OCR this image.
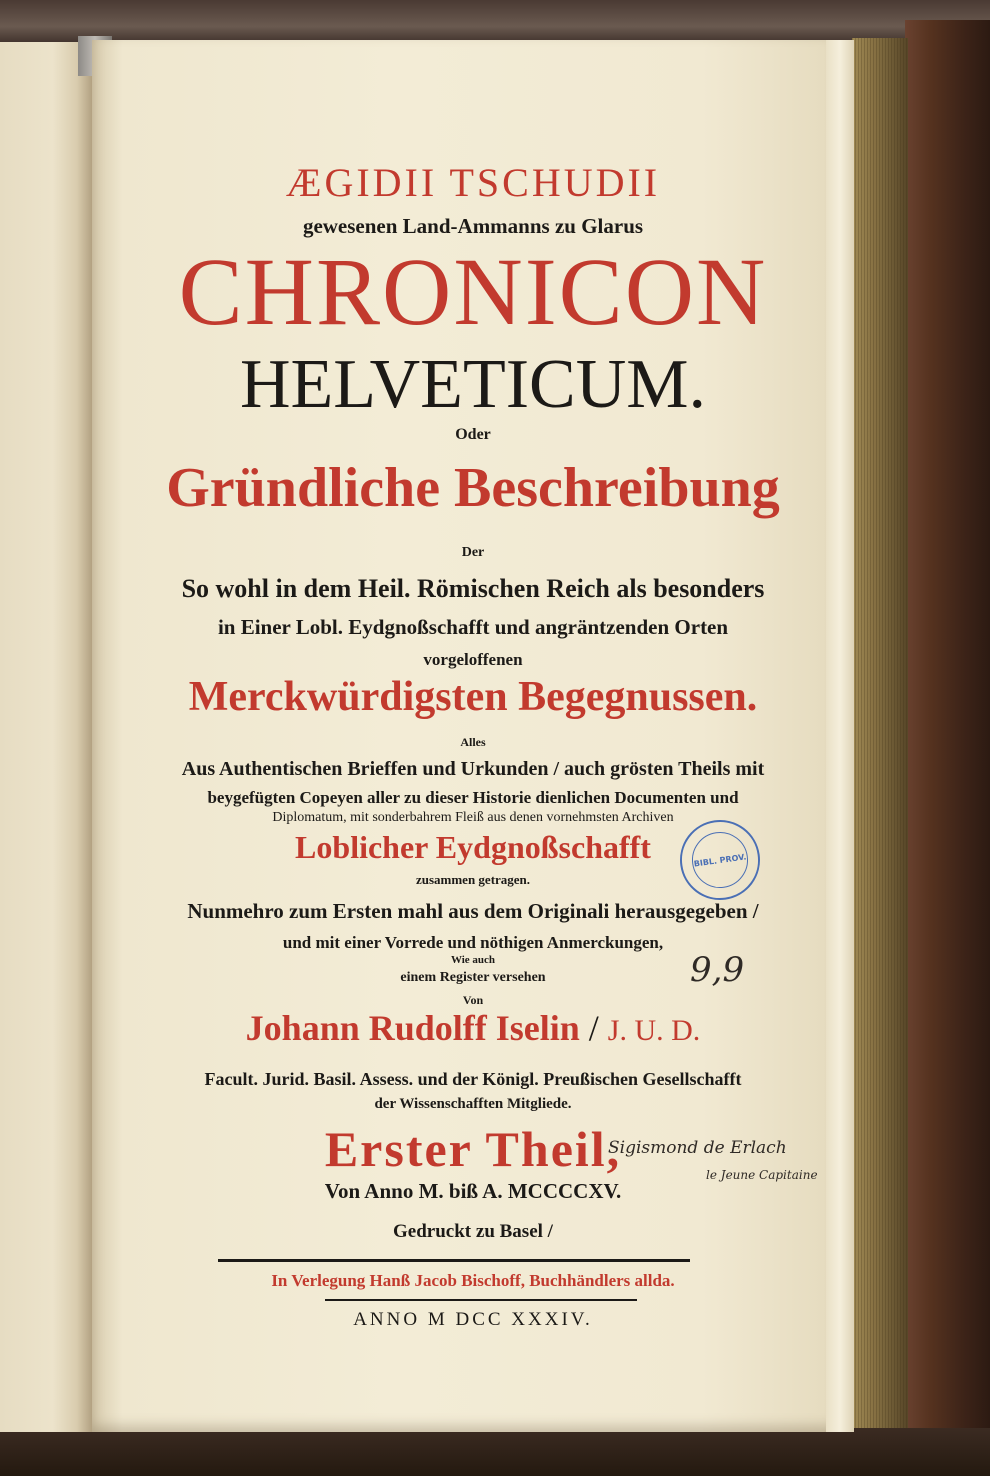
ÆGIDII TSCHUDII
gewesenen Land-Ammanns zu Glarus
CHRONICON
HELVETICUM.
Oder
Gründliche Beschreibung
Der
So wohl in dem Heil. Römischen Reich als besonders
in Einer Lobl. Eydgnoßschafft und angräntzenden Orten
vorgeloffenen
Merckwürdigsten Begegnussen.
Alles
Aus Authentischen Brieffen und Urkunden / auch grösten Theils mit
beygefügten Copeyen aller zu dieser Historie dienlichen Documenten und
Diplomatum, mit sonderbahrem Fleiß aus denen vornehmsten Archiven
Loblicher Eydgnoßschafft
zusammen getragen.
Nunmehro zum Ersten mahl aus dem Originali herausgegeben /
und mit einer Vorrede und nöthigen Anmerckungen,
Wie auch
einem Register versehen
Von
Johann Rudolff Iselin / J. U. D.
Facult. Jurid. Basil. Assess. und der Königl. Preußischen Gesellschafft
der Wissenschafften Mitgliede.
Erster Theil,
Von Anno M. biß A. MCCCCXV.
Gedruckt zu Basel /
In Verlegung Hanß Jacob Bischoff, Buchhändlers allda.
ANNO M DCC XXXIV.
BIBL. PROV.
9,9
Sigismond de Erlach
le Jeune Capitaine
